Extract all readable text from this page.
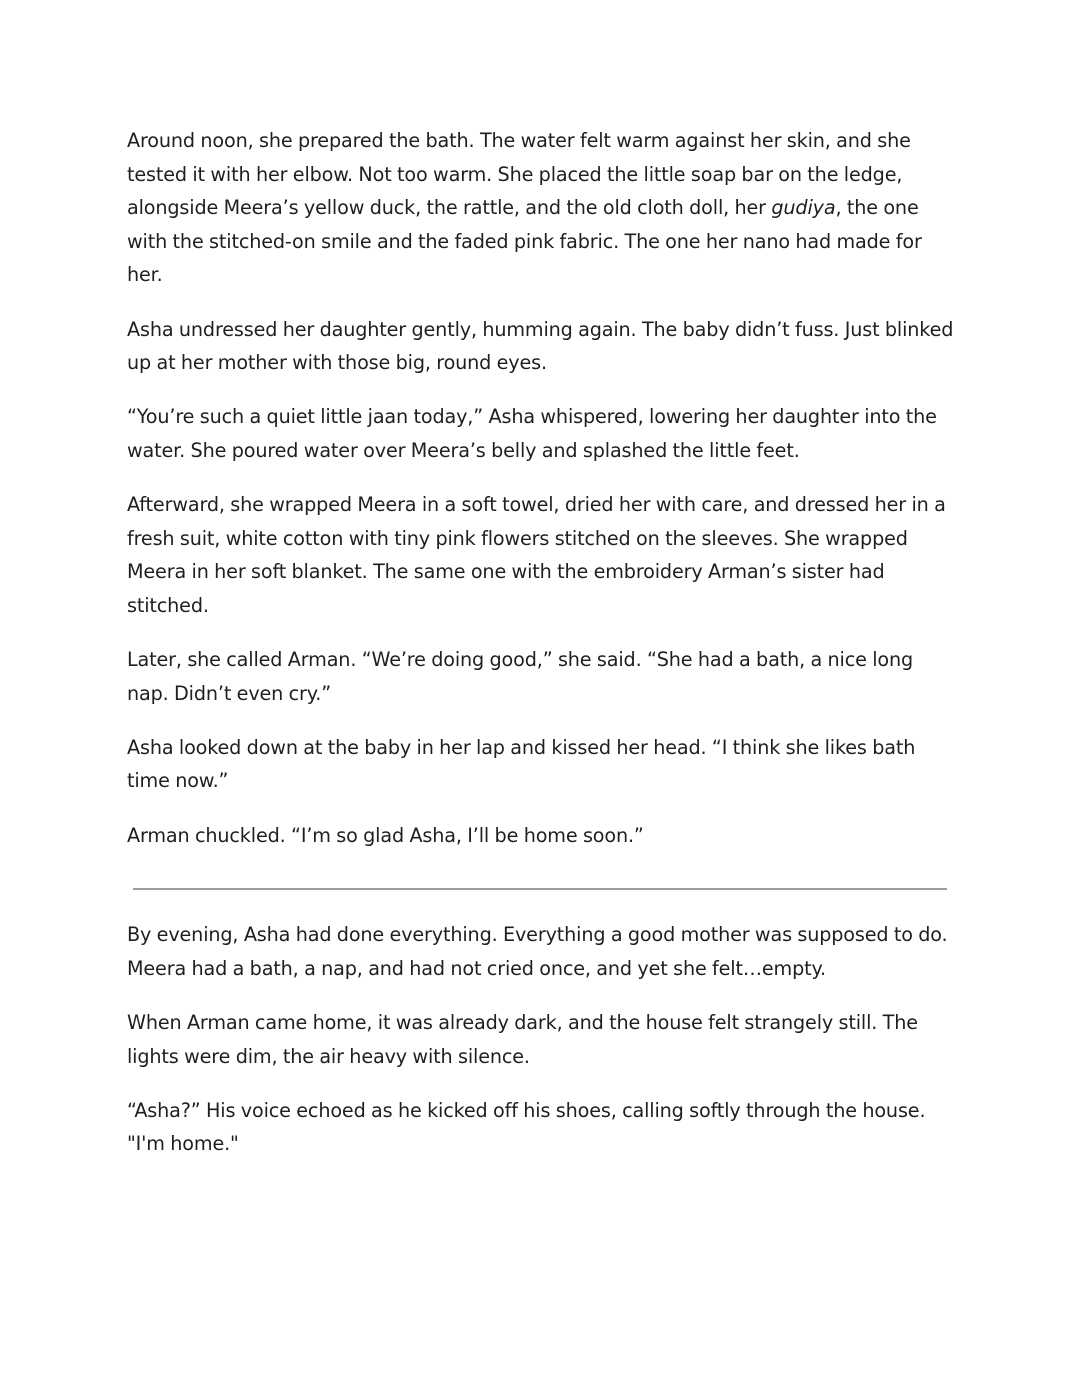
Around noon, she prepared the bath. The water felt warm against her skin, and she tested it with her elbow. Not too warm. She placed the little soap bar on the ledge, alongside Meera’s yellow duck, the rattle, and the old cloth doll, her gudiya, the one with the stitched-on smile and the faded pink fabric. The one her nano had made for her.

Asha undressed her daughter gently, humming again. The baby didn’t fuss. Just blinked up at her mother with those big, round eyes.

“You’re such a quiet little jaan today,” Asha whispered, lowering her daughter into the water. She poured water over Meera’s belly and splashed the little feet.

Afterward, she wrapped Meera in a soft towel, dried her with care, and dressed her in a fresh suit, white cotton with tiny pink flowers stitched on the sleeves. She wrapped Meera in her soft blanket. The same one with the embroidery Arman’s sister had stitched.

Later, she called Arman. “We’re doing good,” she said. “She had a bath, a nice long nap. Didn’t even cry.”

Asha looked down at the baby in her lap and kissed her head. “I think she likes bath time now.”

Arman chuckled. “I’m so glad Asha, I’ll be home soon.”

By evening, Asha had done everything. Everything a good mother was supposed to do. Meera had a bath, a nap, and had not cried once, and yet she felt…empty.

When Arman came home, it was already dark, and the house felt strangely still. The lights were dim, the air heavy with silence.

“Asha?” His voice echoed as he kicked off his shoes, calling softly through the house. "I'm home."
